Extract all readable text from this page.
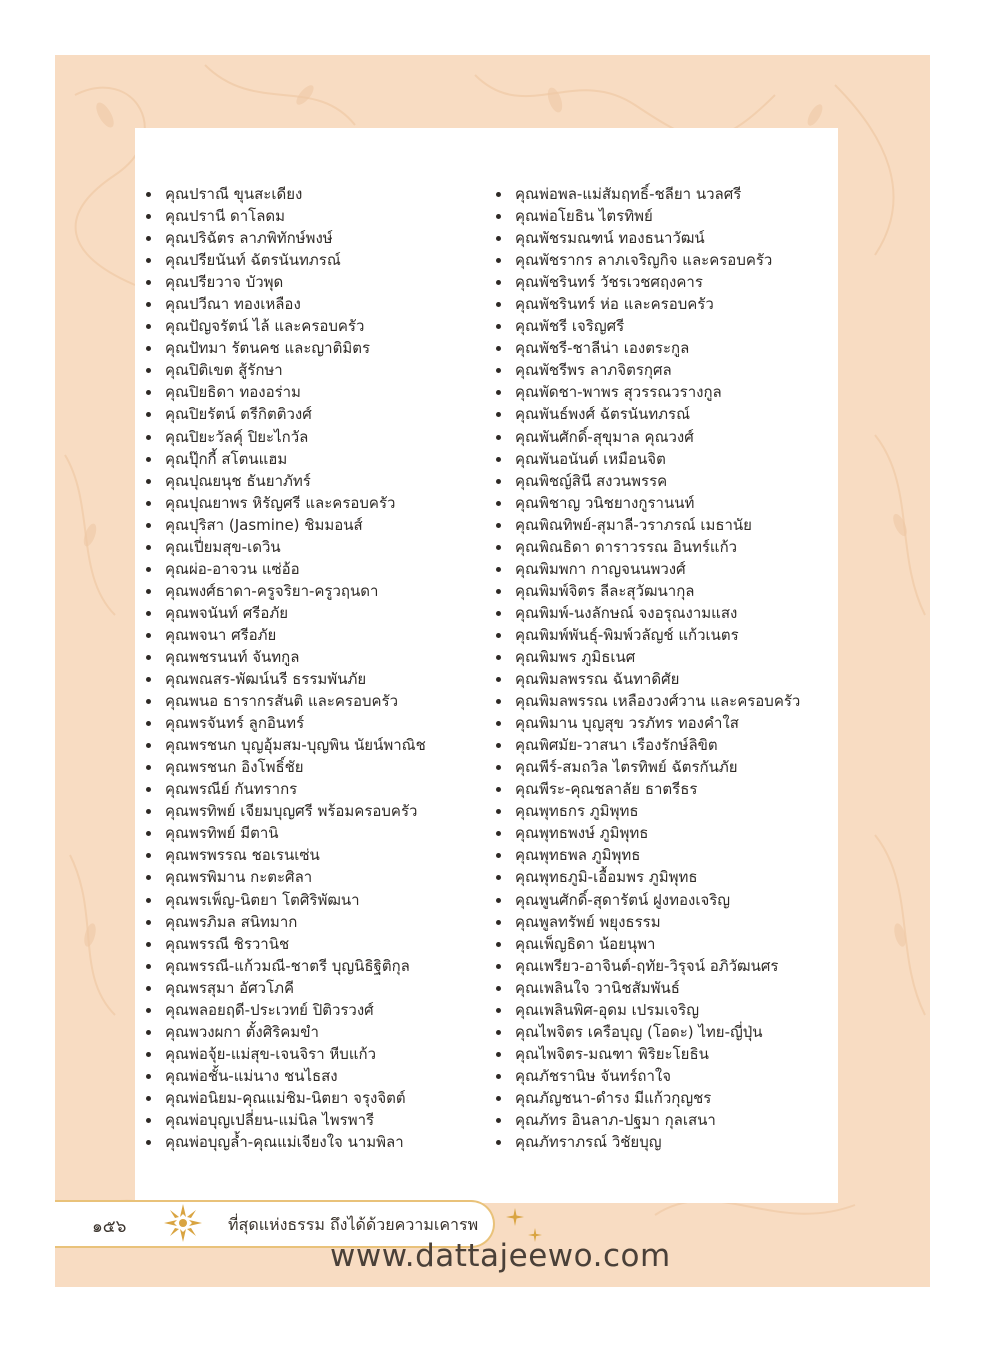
คุณปราณี ขุนสะเดียง
คุณปรานี ดาโลดม
คุณปริฉัตร ลาภพิทักษ์พงษ์
คุณปรียนันท์ ฉัตรนันทภรณ์
คุณปรียวาจ บัวพุด
คุณปวีณา ทองเหลือง
คุณปัญจรัตน์ ไล้ และครอบครัว
คุณปัทมา รัตนคช และญาติมิตร
คุณปิติเขต สู้รักษา
คุณปิยธิดา ทองอร่าม
คุณปิยรัตน์ ตรีกิตติวงศ์
คุณปิยะวัลคุ์ ปิยะไกวัล
คุณปุ๊กกี้ สโตนแฮม
คุณปุณยนุช ธันยาภัทร์
คุณปุณยาพร หิรัญศรี และครอบครัว
คุณปุริสา (Jasmine) ชิมมอนส์
คุณเปี่ยมสุข-เดวิน
คุณผ่อ-อาจวน แซ่อ้อ
คุณพงศ์ธาดา-ครูจริยา-ครูวฤนดา
คุณพจนันท์ ศรีอภัย
คุณพจนา ศรีอภัย
คุณพชรนนท์ จันทกูล
คุณพณสร-พัฒน์นรี ธรรมพันภัย
คุณพนอ ธารากรสันติ และครอบครัว
คุณพรจันทร์ ลูกอินทร์
คุณพรชนก บุญอุ้มสม-บุญพิน นัยน์พาณิช
คุณพรชนก อิงโพธิ์ชัย
คุณพรณีย์ กันทรากร
คุณพรทิพย์ เจียมบุญศรี พร้อมครอบครัว
คุณพรทิพย์ มีตานิ
คุณพรพรรณ ชอเรนเซ่น
คุณพรพิมาน กะตะศิลา
คุณพรเพ็ญ-นิตยา โตศิริพัฒนา
คุณพรภิมล สนิทมาก
คุณพรรณี ชิรวานิช
คุณพรรณี-แก้วมณี-ชาตรี บุญนิธิฐิติกุล
คุณพรสุมา อัศวโภคี
คุณพลอยฤดี-ประเวทย์ ปิติวรวงศ์
คุณพวงผกา ตั้งศิริคมขำ
คุณพ่อจุ้ย-แม่สุข-เจนจิรา หีบแก้ว
คุณพ่อชั้น-แม่นาง ชนไธสง
คุณพ่อนิยม-คุณแม่ชิม-นิตยา จรุงจิตต์
คุณพ่อบุญเปลี่ยน-แม่นิล ไพรพารี
คุณพ่อบุญล้ำ-คุณแม่เจียงใจ นามพิลา
คุณพ่อพล-แม่สัมฤทธิ์-ชลียา นวลศรี
คุณพ่อโยธิน ไตรทิพย์
คุณพัชรมณฑน์ ทองธนาวัฒน์
คุณพัชรากร ลาภเจริญกิจ และครอบครัว
คุณพัชรินทร์ วัชรเวชศฤงคาร
คุณพัชรินทร์ ห่อ และครอบครัว
คุณพัชรี เจริญศรี
คุณพัชรี-ชาลีน่า เองตระกูล
คุณพัชรีพร ลาภจิตรกุศล
คุณพัดชา-พาพร สุวรรณวรางกูล
คุณพันธ์พงศ์ ฉัตรนันทภรณ์
คุณพันศักดิ์-สุขุมาล คุณวงศ์
คุณพันอนันต์ เหมือนจิต
คุณพิชญ์สินี สงวนพรรค
คุณพิชาญ วนิชยางกูรานนท์
คุณพิณทิพย์-สุมาลี-วราภรณ์ เมธานัย
คุณพิณธิดา ดาราวรรณ อินทร์แก้ว
คุณพิมพกา กาญจนนพวงศ์
คุณพิมพ์จิตร ลีละสุวัฒนากุล
คุณพิมพ์-นงลักษณ์ จงอรุณงามแสง
คุณพิมพ์พันธุ์-พิมพ์วลัญช์ แก้วเนตร
คุณพิมพร ภูมิธเนศ
คุณพิมลพรรณ ฉันทาดิศัย
คุณพิมลพรรณ เหลืองวงศ์วาน และครอบครัว
คุณพิมาน บุญสุข วรภัทร ทองคำใส
คุณพิศมัย-วาสนา เรืองรักษ์ลิขิต
คุณพีร์-สมถวิล ไตรทิพย์ ฉัตรกันภัย
คุณพีระ-คุณชลาลัย ธาตรีธร
คุณพุทธกร ภูมิพุทธ
คุณพุทธพงษ์ ภูมิพุทธ
คุณพุทธพล ภูมิพุทธ
คุณพุทธภูมิ-เอื้อมพร ภูมิพุทธ
คุณพูนศักดิ์-สุดารัตน์ ฝูงทองเจริญ
คุณพูลทรัพย์ พยุงธรรม
คุณเพ็ญธิดา น้อยนุพา
คุณเพรียว-อาจินต์-ฤทัย-วิรุจน์ อภิวัฒนศร
คุณเพลินใจ วานิชสัมพันธ์
คุณเพลินพิศ-อุดม เปรมเจริญ
คุณไพจิตร เครือบุญ (โอดะ) ไทย-ญี่ปุ่น
คุณไพจิตร-มณฑา พิริยะโยธิน
คุณภัชรานิษ จันทร์ถาใจ
คุณภัญชนา-ดำรง มีแก้วกุญชร
คุณภัทร อินลาภ-ปฐมา กุลเสนา
คุณภัทราภรณ์ วิชัยบุญ
๑๕๖	ที่สุดแห่งธรรม ถึงได้ด้วยความเคารพ
www.dattajeewo.com
